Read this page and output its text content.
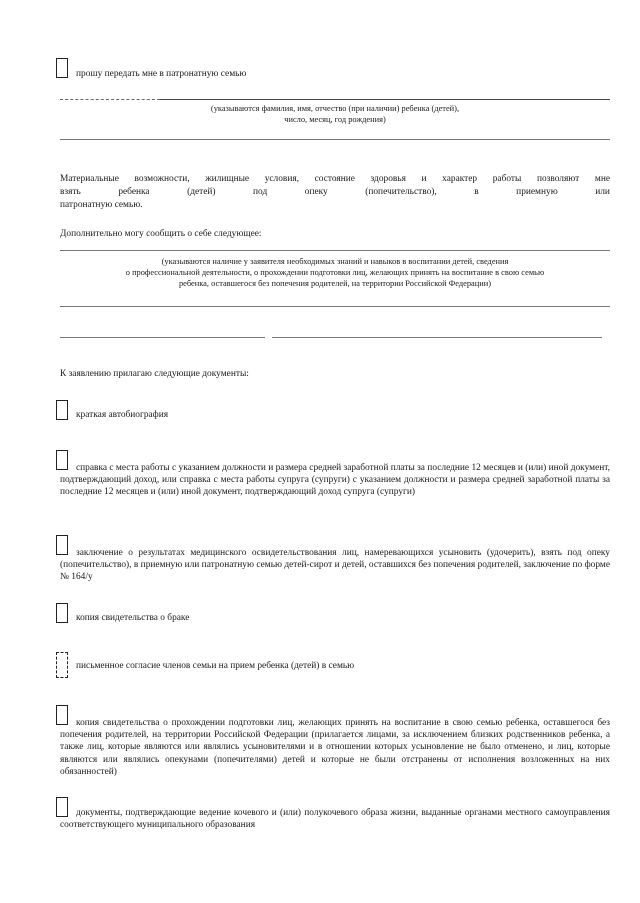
прошу передать мне в патронатную семью
(указываются фамилия, имя, отчество (при наличии) ребенка (детей),
число, месяц, год рождения)
Материальные возможности, жилищные условия, состояние здоровья и характер работы позволяют мне
взять	ребенка	(детей)	под	опеку	(попечительство),	в	приемную	или
патронатную семью.
Дополнительно могу сообщить о себе следующее:
(указываются наличие у заявителя необходимых знаний и навыков в воспитании детей, сведения
о профессиональной деятельности, о прохождении подготовки лиц, желающих принять на воспитание в свою семью
ребенка, оставшегося без попечения родителей, на территории Российской Федерации)
К заявлению прилагаю следующие документы:
краткая автобиография
справка с места работы с указанием должности и размера средней заработной платы за последние 12 месяцев и (или) иной документ, подтверждающий доход, или справка с места работы супруга (супруги) с указанием должности и размера средней заработной платы за последние 12 месяцев и (или) иной документ, подтверждающий доход супруга (супруги)
заключение о результатах медицинского освидетельствования лиц, намеревающихся усыновить (удочерить), взять под опеку (попечительство), в приемную или патронатную семью детей-сирот и детей, оставшихся без попечения родителей, заключение по форме № 164/у
копия свидетельства о браке
письменное согласие членов семьи на прием ребенка (детей) в семью
копия свидетельства о прохождении подготовки лиц, желающих принять на воспитание в свою семью ребенка, оставшегося без попечения родителей, на территории Российской Федерации (прилагается лицами, за исключением близких родственников ребенка, а также лиц, которые являются или являлись усыновителями и в отношении которых усыновление не было отменено, и лиц, которые являются или являлись опекунами (попечителями) детей и которые не были отстранены от исполнения возложенных на них обязанностей)
документы, подтверждающие ведение кочевого и (или) полукочевого образа жизни, выданные органами местного самоуправления соответствующего муниципального образования
